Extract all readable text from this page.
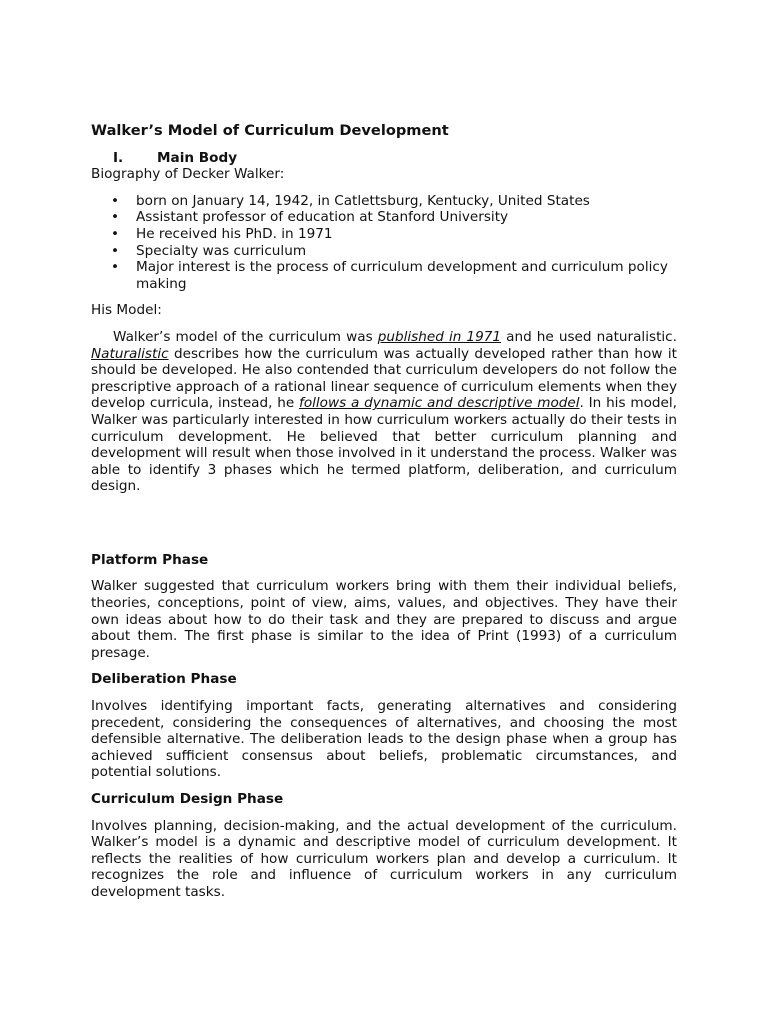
Walker’s Model of Curriculum Development
I.	Main Body

Biography of Decker Walker:

• born on January 14, 1942, in Catlettsburg, Kentucky, United States
• Assistant professor of education at Stanford University
• He received his PhD. in 1971
• Specialty was curriculum
• Major interest is the process of curriculum development and curriculum policy making

His Model:

Walker’s model of the curriculum was published in 1971 and he used naturalistic. Naturalistic describes how the curriculum was actually developed rather than how it should be developed. He also contended that curriculum developers do not follow the prescriptive approach of a rational linear sequence of curriculum elements when they develop curricula, instead, he follows a dynamic and descriptive model. In his model, Walker was particularly interested in how curriculum workers actually do their tests in curriculum development. He believed that better curriculum planning and development will result when those involved in it understand the process. Walker was able to identify 3 phases which he termed platform, deliberation, and curriculum design.

Platform Phase

Walker suggested that curriculum workers bring with them their individual beliefs, theories, conceptions, point of view, aims, values, and objectives. They have their own ideas about how to do their task and they are prepared to discuss and argue about them. The first phase is similar to the idea of Print (1993) of a curriculum presage.

Deliberation Phase

Involves identifying important facts, generating alternatives and considering precedent, considering the consequences of alternatives, and choosing the most defensible alternative. The deliberation leads to the design phase when a group has achieved sufficient consensus about beliefs, problematic circumstances, and potential solutions.

Curriculum Design Phase

Involves planning, decision-making, and the actual development of the curriculum. Walker’s model is a dynamic and descriptive model of curriculum development. It reflects the realities of how curriculum workers plan and develop a curriculum. It recognizes the role and influence of curriculum workers in any curriculum development tasks.
